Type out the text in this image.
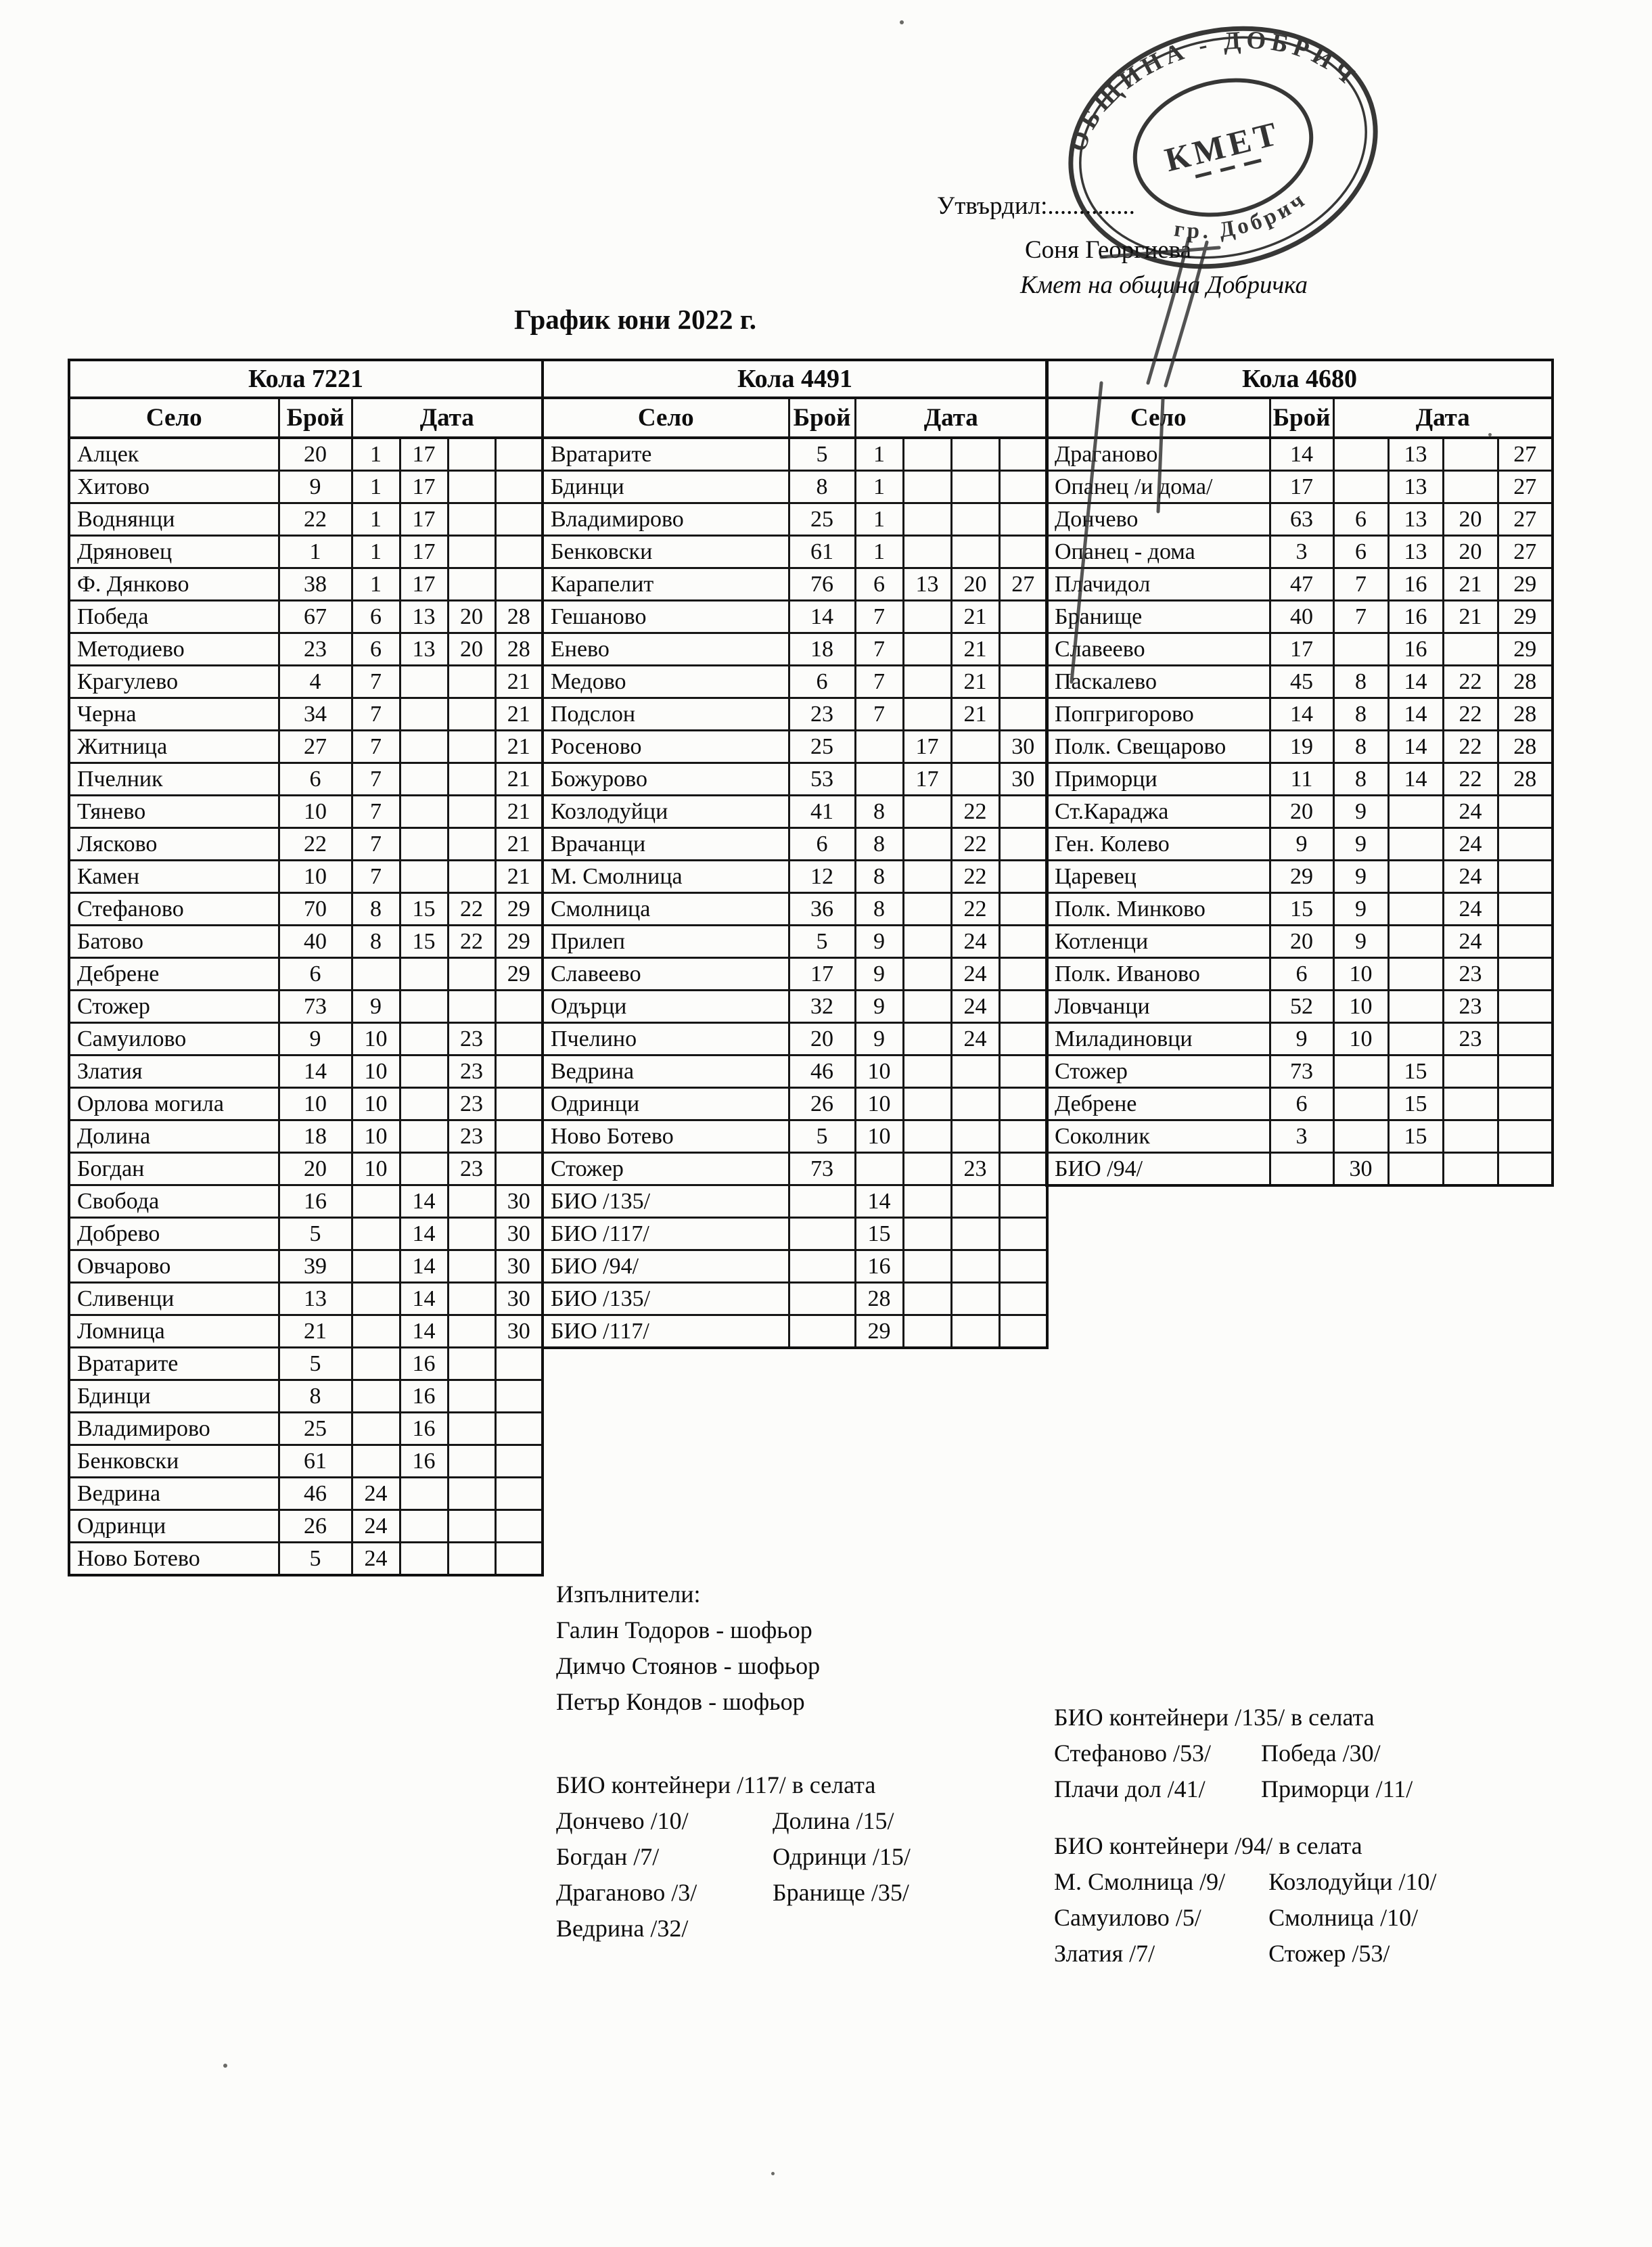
ОБЩИНА - ДОБРИЧ
гр. Добрич
КМЕТ
Утвърдил:..............
Соня Георгиева
Кмет на община Добричка
График юни 2022 г.
Кола 7221					
Село	Брой	Дата			
Алцек	20	1	17		
Хитово	9	1	17		
Воднянци	22	1	17		
Дряновец	1	1	17		
Ф. Дянково	38	1	17		
Победа	67	6	13	20	28
Методиево	23	6	13	20	28
Крагулево	4	7			21
Черна	34	7			21
Житница	27	7			21
Пчелник	6	7			21
Тянево	10	7			21
Лясково	22	7			21
Камен	10	7			21
Стефаново	70	8	15	22	29
Батово	40	8	15	22	29
Дебрене	6				29
Стожер	73	9			
Самуилово	9	10		23	
Златия	14	10		23	
Орлова могила	10	10		23	
Долина	18	10		23	
Богдан	20	10		23	
Свобода	16		14		30
Добрево	5		14		30
Овчарово	39		14		30
Сливенци	13		14		30
Ломница	21		14		30
Вратарите	5		16		
Бдинци	8		16		
Владимирово	25		16		
Бенковски	61		16		
Ведрина	46	24			
Одринци	26	24			
Ново Ботево	5	24			
Кола 4491					
Село	Брой	Дата			
Вратарите	5	1			
Бдинци	8	1			
Владимирово	25	1			
Бенковски	61	1			
Карапелит	76	6	13	20	27
Гешаново	14	7		21	
Енево	18	7		21	
Медово	6	7		21	
Подслон	23	7		21	
Росеново	25		17		30
Божурово	53		17		30
Козлодуйци	41	8		22	
Врачанци	6	8		22	
М. Смолница	12	8		22	
Смолница	36	8		22	
Прилеп	5	9		24	
Славеево	17	9		24	
Одърци	32	9		24	
Пчелино	20	9		24	
Ведрина	46	10			
Одринци	26	10			
Ново Ботево	5	10			
Стожер	73			23	
БИО /135/		14			
БИО /117/		15			
БИО /94/		16			
БИО /135/		28			
БИО /117/		29			
Кола 4680					
Село	Брой	Дата			
Драганово	14		13		27
Опанец /и дома/	17		13		27
Дончево	63	6	13	20	27
Опанец - дома	3	6	13	20	27
Плачидол	47	7	16	21	29
Бранище	40	7	16	21	29
Славеево	17		16		29
Паскалево	45	8	14	22	28
Попгригорово	14	8	14	22	28
Полк. Свещарово	19	8	14	22	28
Приморци	11	8	14	22	28
Ст.Караджа	20	9		24	
Ген. Колево	9	9		24	
Царевец	29	9		24	
Полк. Минково	15	9		24	
Котленци	20	9		24	
Полк. Иваново	6	10		23	
Ловчанци	52	10		23	
Миладиновци	9	10		23	
Стожер	73		15		
Дебрене	6		15		
Соколник	3		15		
БИО /94/		30			
Изпълнители:
Галин Тодоров - шофьор
Димчо Стоянов - шофьор
Петър Кондов - шофьор
БИО контейнери /117/ в селата
Дончево /10/	Долина /15/
Богдан /7/	Одринци /15/
Драганово /3/	Бранище /35/
Ведрина /32/
БИО контейнери /135/ в селата
Стефаново /53/	Победа /30/
Плачи дол /41/	Приморци /11/
БИО контейнери /94/ в селата
М. Смолница /9/ Козлодуйци /10/
Самуилово /5/	Смолница /10/
Златия /7/	Стожер /53/
